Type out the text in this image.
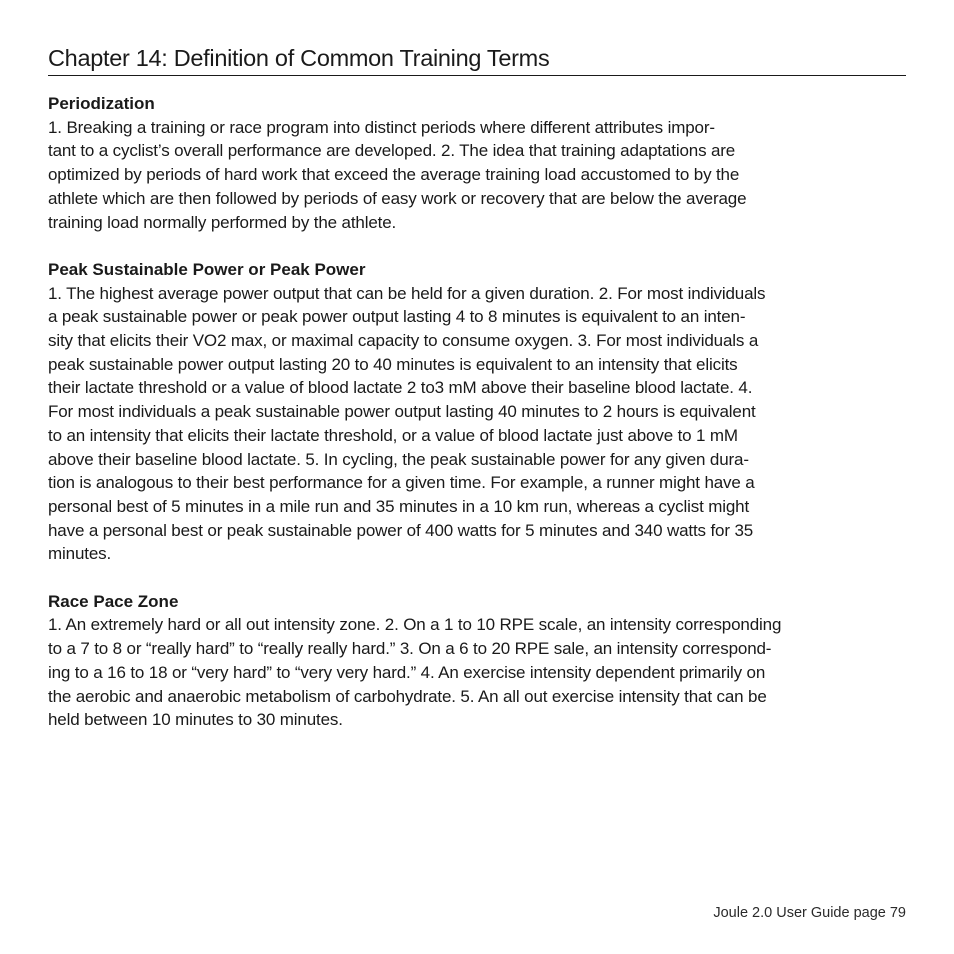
Chapter 14: Definition of Common Training Terms
Periodization
1. Breaking a training or race program into distinct periods where different attributes impor-
tant to a cyclist’s overall performance are developed. 2. The idea that training adaptations are
optimized by periods of hard work that exceed the average training load accustomed to by the
athlete which are then followed by periods of easy work or recovery that are below the average
training load normally performed by the athlete.
Peak Sustainable Power or Peak Power
1. The highest average power output that can be held for a given duration. 2. For most individuals
a peak sustainable power or peak power output lasting 4 to 8 minutes is equivalent to an inten-
sity that elicits their VO2 max, or maximal capacity to consume oxygen. 3. For most individuals a
peak sustainable power output lasting 20 to 40 minutes is equivalent to an intensity that elicits
their lactate threshold or a value of blood lactate 2 to3 mM above their baseline blood lactate. 4.
For most individuals a peak sustainable power output lasting 40 minutes to 2 hours is equivalent
to an intensity that elicits their lactate threshold, or a value of blood lactate just above to 1 mM
above their baseline blood lactate. 5. In cycling, the peak sustainable power for any given dura-
tion is analogous to their best performance for a given time. For example, a runner might have a
personal best of 5 minutes in a mile run and 35 minutes in a 10 km run, whereas a cyclist might
have a personal best or peak sustainable power of 400 watts for 5 minutes and 340 watts for 35
minutes.
Race Pace Zone
1. An extremely hard or all out intensity zone. 2. On a 1 to 10 RPE scale, an intensity corresponding
to a 7 to 8 or “really hard” to “really really hard.” 3. On a 6 to 20 RPE sale, an intensity correspond-
ing to a 16 to 18 or “very hard” to “very very hard.” 4. An exercise intensity dependent primarily on
the aerobic and anaerobic metabolism of carbohydrate. 5. An all out exercise intensity that can be
held between 10 minutes to 30 minutes.
Joule 2.0 User Guide page 79
